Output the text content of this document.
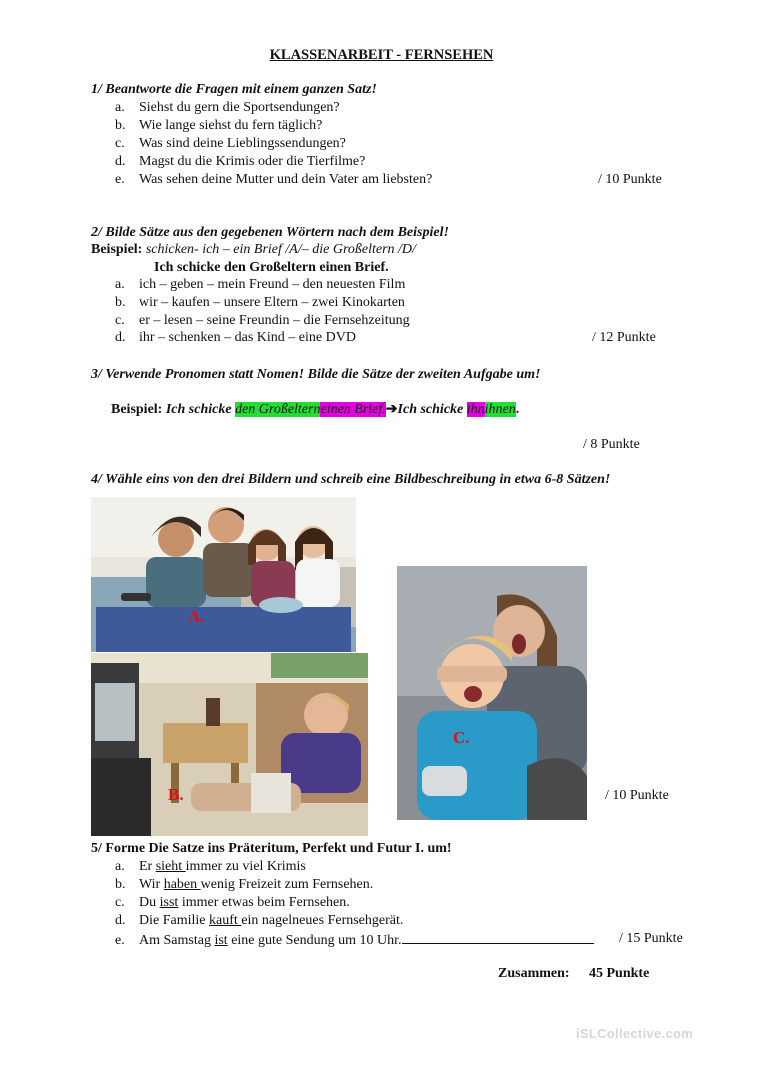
KLASSENARBEIT - FERNSEHEN
1/ Beantworte die Fragen mit einem ganzen Satz!
a. Siehst du gern die Sportsendungen?
b. Wie lange siehst du fern täglich?
c. Was sind deine Lieblingssendungen?
d. Magst du die Krimis oder die Tierfilme?
e. Was sehen deine Mutter und dein Vater am liebsten?	/ 10 Punkte
2/ Bilde Sätze aus den gegebenen Wörtern nach dem Beispiel!
Beispiel: schicken- ich – ein Brief /A/– die Großeltern /D/
Ich schicke den Großeltern einen Brief.
a. ich – geben – mein Freund – den neuesten Film
b. wir – kaufen – unsere Eltern – zwei Kinokarten
c. er – lesen – seine Freundin – die Fernsehzeitung
d. ihr – schenken – das Kind – eine DVD	/ 12 Punkte
3/ Verwende Pronomen statt Nomen! Bilde die Sätze der zweiten Aufgabe um!
Beispiel: Ich schicke den Großelterneinen Brief.➔Ich schicke ihnihnen.
/ 8 Punkte
4/ Wähle eins von den drei Bildern und schreib eine Bildbeschreibung in etwa 6-8 Sätzen!
A.
B.
C.
/ 10 Punkte
5/ Forme Die Satze ins Präteritum, Perfekt und Futur I. um!
a. Er sieht immer zu viel Krimis
b. Wir haben wenig Freizeit zum Fernsehen.
c. Du isst immer etwas beim Fernsehen.
d. Die Familie kauft ein nagelneues Fernsehgerät.
e. Am Samstag ist eine gute Sendung um 10 Uhr.	/ 15 Punkte
Zusammen: 45 Punkte
iSLCollective.com
